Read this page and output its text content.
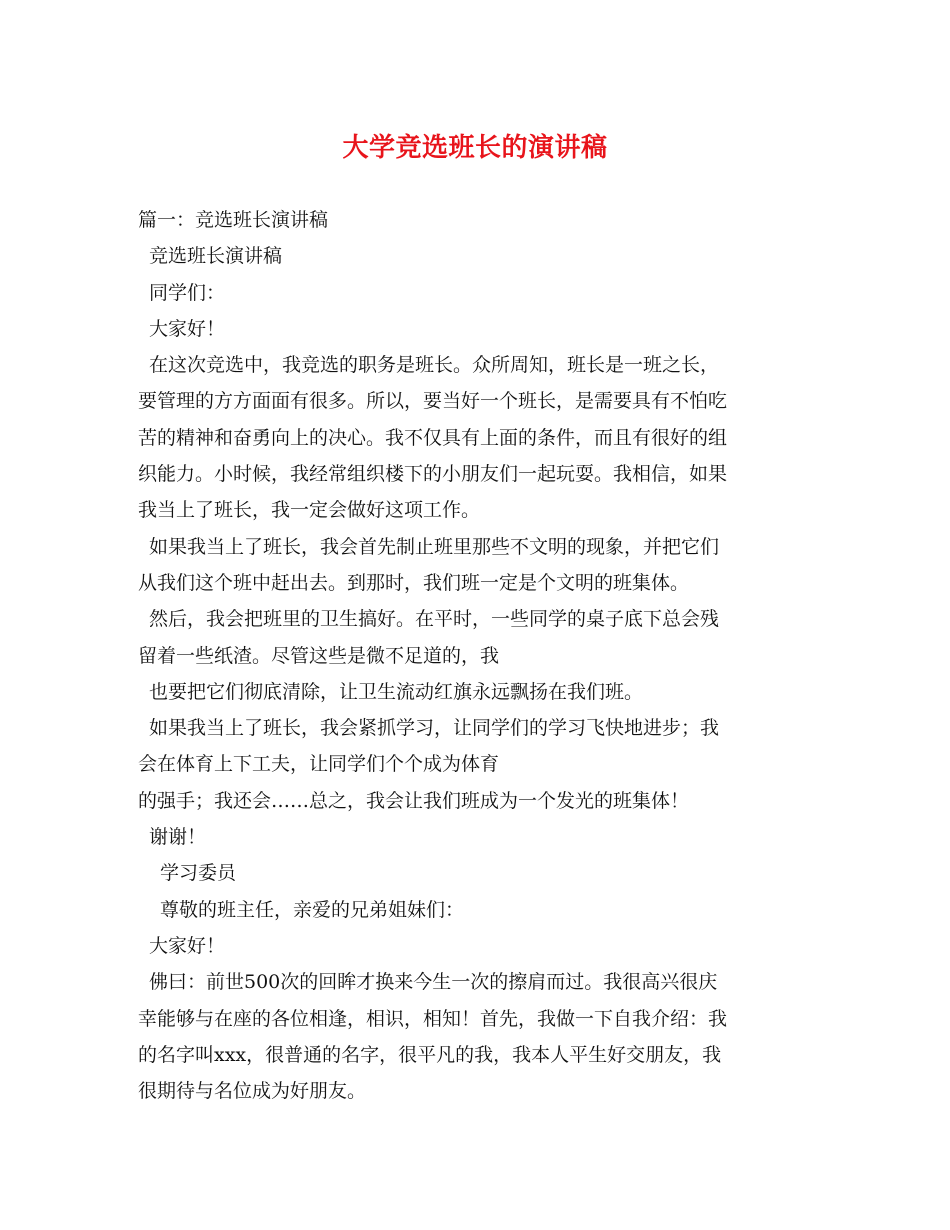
大学竞选班长的演讲稿
篇一：竞选班长演讲稿
竞选班长演讲稿
同学们：
大家好！
在这次竞选中，我竞选的职务是班长。众所周知，班长是一班之长，
要管理的方方面面有很多。所以，要当好一个班长，是需要具有不怕吃
苦的精神和奋勇向上的决心。我不仅具有上面的条件，而且有很好的组
织能力。小时候，我经常组织楼下的小朋友们一起玩耍。我相信，如果
我当上了班长，我一定会做好这项工作。
如果我当上了班长，我会首先制止班里那些不文明的现象，并把它们
从我们这个班中赶出去。到那时，我们班一定是个文明的班集体。
然后，我会把班里的卫生搞好。在平时，一些同学的桌子底下总会残
留着一些纸渣。尽管这些是微不足道的，我
也要把它们彻底清除，让卫生流动红旗永远飘扬在我们班。
如果我当上了班长，我会紧抓学习，让同学们的学习飞快地进步；我
会在体育上下工夫，让同学们个个成为体育
的强手；我还会……总之，我会让我们班成为一个发光的班集体！
谢谢！
学习委员
尊敬的班主任，亲爱的兄弟姐妹们：
大家好！
佛曰：前世500次的回眸才换来今生一次的擦肩而过。我很高兴很庆
幸能够与在座的各位相逢，相识，相知！首先，我做一下自我介绍：我
的名字叫xxx，很普通的名字，很平凡的我，我本人平生好交朋友，我
很期待与名位成为好朋友。
